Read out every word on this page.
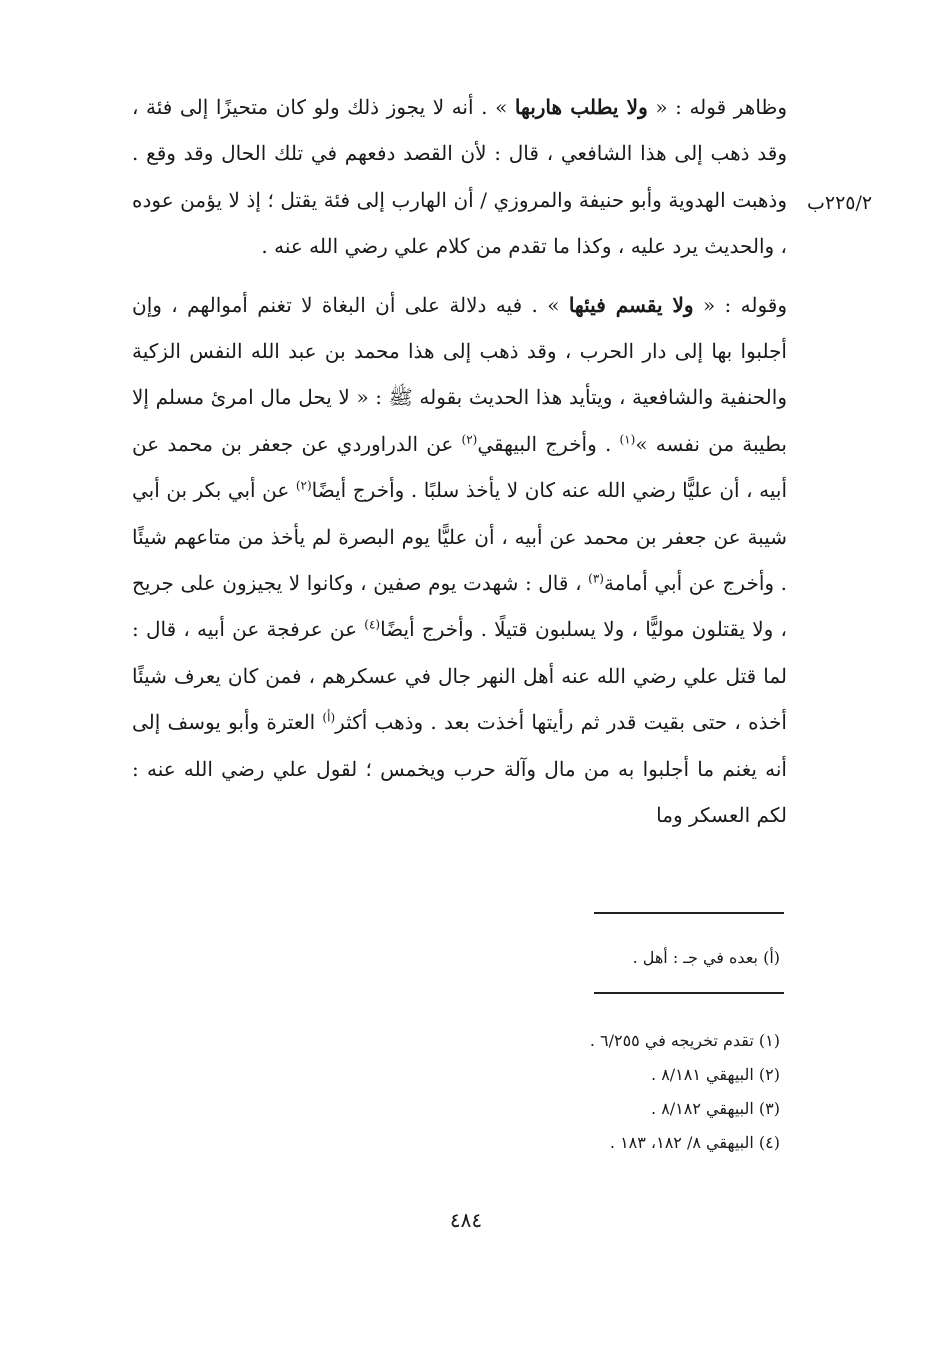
٢٢٥/٢ب

وظاهر قوله : « ولا يطلب هاربها » . أنه لا يجوز ذلك ولو كان متحيزًا إلى فئة ، وقد ذهب إلى هذا الشافعي ، قال : لأن القصد دفعهم في تلك الحال وقد وقع . وذهبت الهدوية وأبو حنيفة والمروزي / أن الهارب إلى فئة يقتل ؛ إذ لا يؤمن عوده ، والحديث يرد عليه ، وكذا ما تقدم من كلام علي رضي الله عنه .

وقوله : « ولا يقسم فيئها » . فيه دلالة على أن البغاة لا تغنم أموالهم ، وإن أجلبوا بها إلى دار الحرب ، وقد ذهب إلى هذا محمد بن عبد الله النفس الزكية والحنفية والشافعية ، ويتأيد هذا الحديث بقوله ﷺ : « لا يحل مال امرئ مسلم إلا بطيبة من نفسه »$^{(١)}$ . وأخرج البيهقي$^{(٢)}$ عن الدراوردي عن جعفر بن محمد عن أبيه ، أن عليًّا رضي الله عنه كان لا يأخذ سلبًا . وأخرج أيضًا$^{(٢)}$ عن أبي بكر بن أبي شيبة عن جعفر بن محمد عن أبيه ، أن عليًّا يوم البصرة لم يأخذ من متاعهم شيئًا . وأخرج عن أبي أمامة$^{(٣)}$ ، قال : شهدت يوم صفين ، وكانوا لا يجيزون على جريح ، ولا يقتلون موليًّا ، ولا يسلبون قتيلًا . وأخرج أيضًا$^{(٤)}$ عن عرفجة عن أبيه ، قال : لما قتل علي رضي الله عنه أهل النهر جال في عسكرهم ، فمن كان يعرف شيئًا أخذه ، حتى بقيت قدر ثم رأيتها أخذت بعد . وذهب أكثر$^{(أ)}$ العترة وأبو يوسف إلى أنه يغنم ما أجلبوا به من مال وآلة حرب ويخمس ؛ لقول علي رضي الله عنه : لكم العسكر وما

(أ) بعده في جـ : أهل .
(١) تقدم تخريجه في ٦/٢٥٥ .
(٢) البيهقي ٨/١٨١ .
(٣) البيهقي ٨/١٨٢ .
(٤) البيهقي ٨/ ١٨٢، ١٨٣ .
٤٨٤
